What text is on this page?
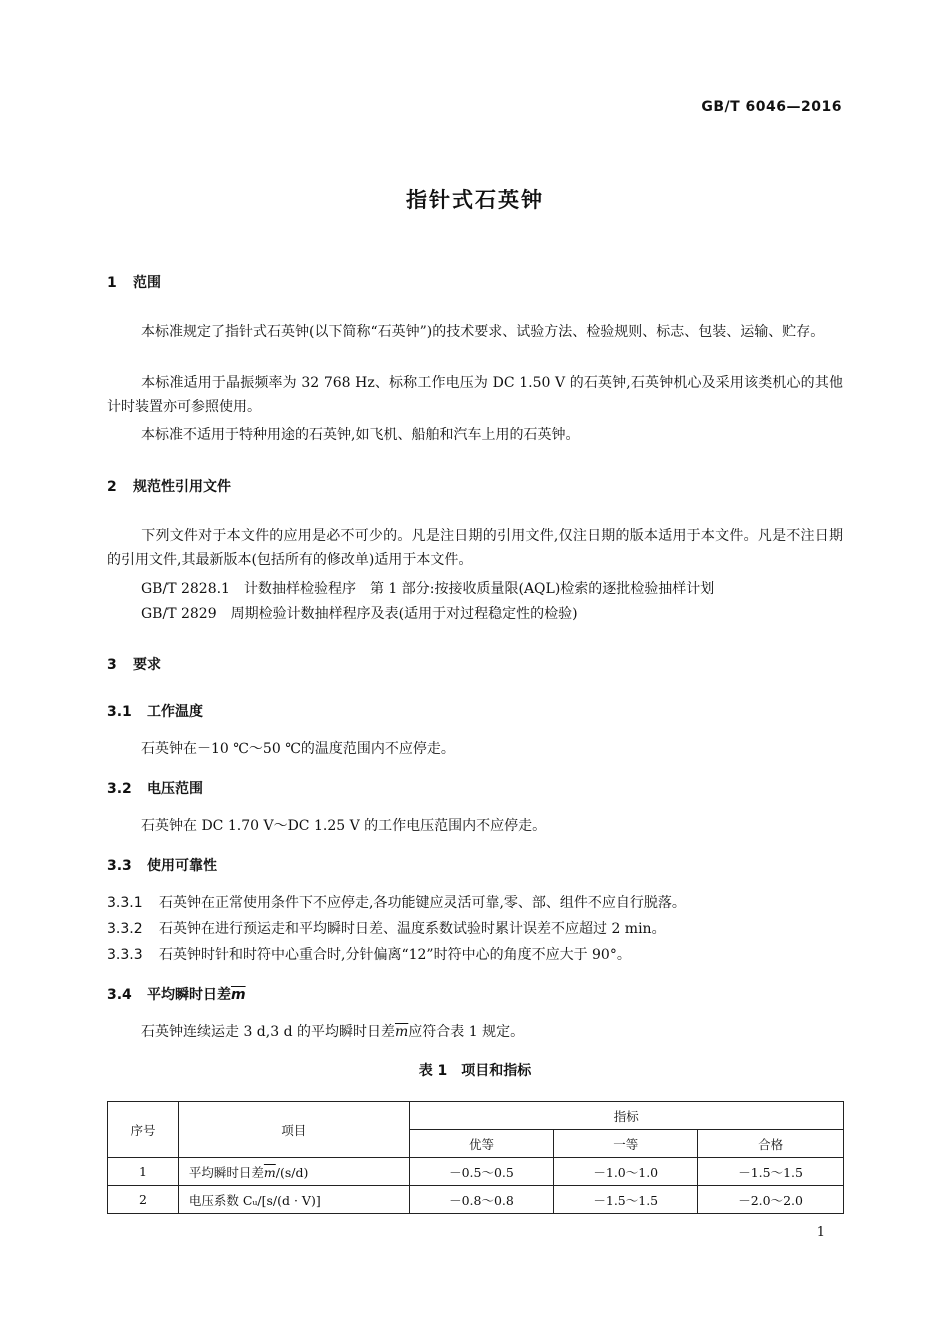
GB/T 6046—2016
指针式石英钟
1 范围
本标准规定了指针式石英钟(以下简称“石英钟”)的技术要求、试验方法、检验规则、标志、包装、运输、贮存。
本标准适用于晶振频率为 32 768 Hz、标称工作电压为 DC 1.50 V 的石英钟,石英钟机心及采用该类机心的其他计时装置亦可参照使用。
本标准不适用于特种用途的石英钟,如飞机、船舶和汽车上用的石英钟。
2 规范性引用文件
下列文件对于本文件的应用是必不可少的。凡是注日期的引用文件,仅注日期的版本适用于本文件。凡是不注日期的引用文件,其最新版本(包括所有的修改单)适用于本文件。
GB/T 2828.1　计数抽样检验程序　第 1 部分:按接收质量限(AQL)检索的逐批检验抽样计划
GB/T 2829　周期检验计数抽样程序及表(适用于对过程稳定性的检验)
3 要求
3.1 工作温度
石英钟在－10 ℃～50 ℃的温度范围内不应停走。
3.2 电压范围
石英钟在 DC 1.70 V～DC 1.25 V 的工作电压范围内不应停走。
3.3 使用可靠性
3.3.1 石英钟在正常使用条件下不应停走,各功能键应灵活可靠,零、部、组件不应自行脱落。
3.3.2 石英钟在进行预运走和平均瞬时日差、温度系数试验时累计误差不应超过 2 min。
3.3.3 石英钟时针和时符中心重合时,分针偏离“12”时符中心的角度不应大于 90°。
3.4 平均瞬时日差$\overline{m}$
石英钟连续运走 3 d,3 d 的平均瞬时日差$\overline{m}$应符合表 1 规定。
表 1　项目和指标
序号	项目	指标		
		优等	一等	合格
1	平均瞬时日差$\overline{m}/(s/d)$	－0.5～0.5	－1.0～1.0	－1.5～1.5
2	电压系数 Cᵤ/[s/(d · V)]	－0.8～0.8	－1.5～1.5	－2.0～2.0
1
